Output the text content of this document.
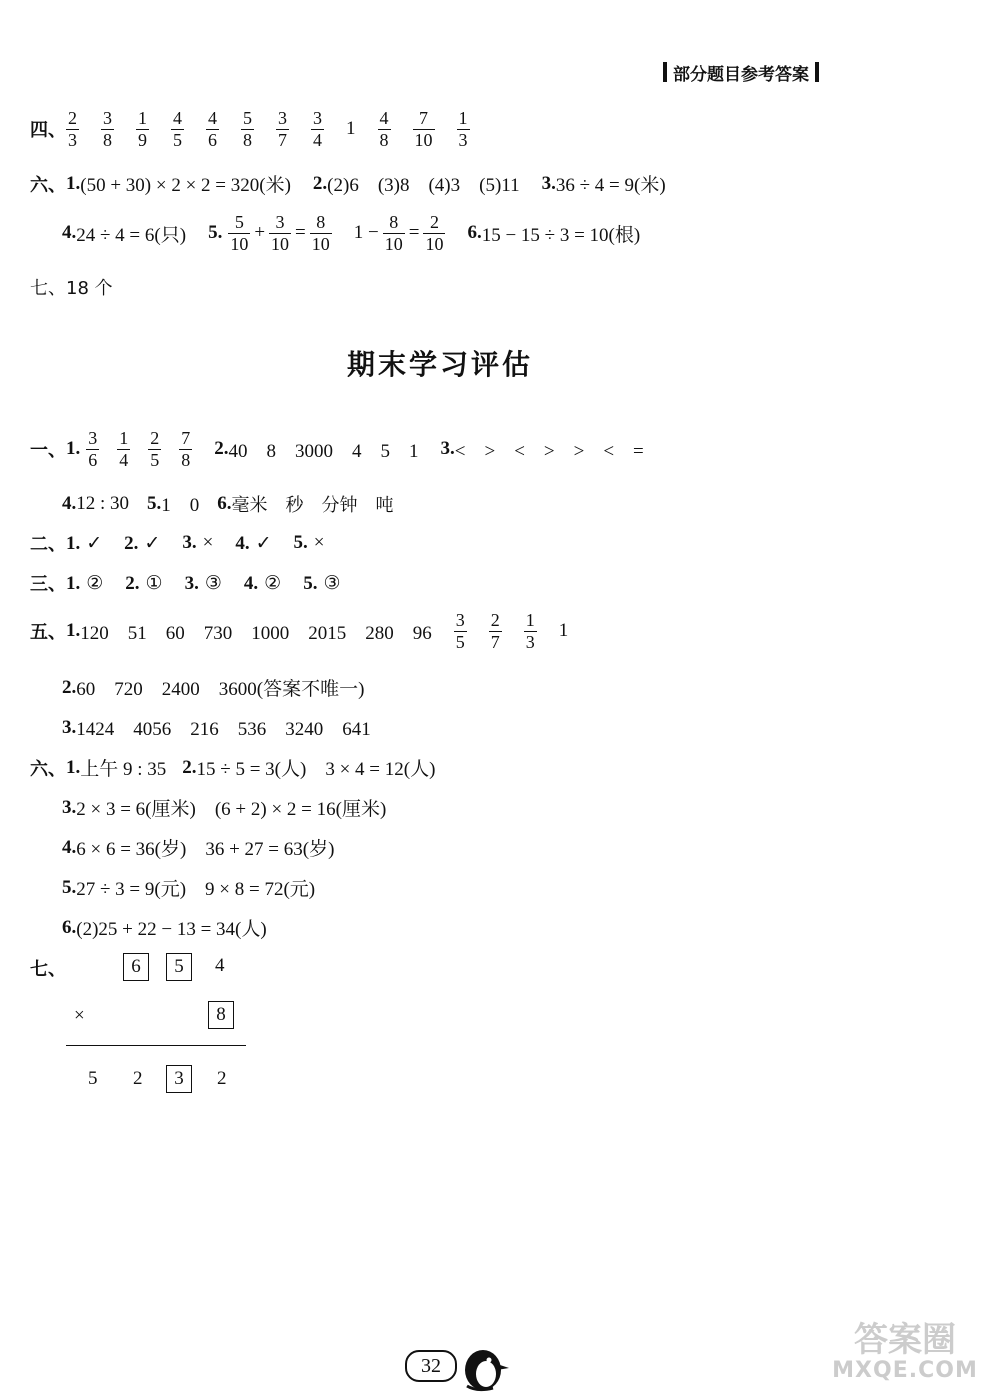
部分题目参考答案
四、 $\frac{2}{3} \frac{3}{8} \frac{1}{9} \frac{4}{5} \frac{4}{6} \frac{5}{8} \frac{3}{7} \frac{3}{4} 1 \frac{4}{8} \frac{7}{10} \frac{1}{3}$
六、 1. (50 + 30) × 2 × 2 = 320(米) 2. (2)6　(3)8　(4)3　(5)11 3. 36 ÷ 4 = 9(米)
4. 24 ÷ 4 = 6(只) 5. $\frac{5}{10} + \frac{3}{10} = \frac{8}{10} 1 - \frac{8}{10} = \frac{2}{10} 6$. 15 − 15 ÷ 3 = 10(根)
七、18 个
期末学习评估
一、 1. $\frac{3}{6} \frac{1}{4} \frac{2}{5} \frac{7}{8} 2$. 40　8　3000　4　5　1 3. <　>　<　>　>　<　=
4. 12 : 30 5. 1　0 6. 毫米　秒　分钟　吨
二、 1. ✓ 2. ✓ 3. × 4. ✓ 5. ×
三、 1. ② 2. ① 3. ③ 4. ② 5. ③
五、 1. 120　51　60　730　1000　2015　280　$96 \frac{3}{5} \frac{2}{7} \frac{1}{3} 1$
2. 60　720　2400　3600(答案不唯一)
3. 1424　4056　216　536　3240　641
六、 1. 上午 9 : 35 2. 15 ÷ 5 = 3(人)　3 × 4 = 12(人)
3. 2 × 3 = 6(厘米)　(6 + 2) × 2 = 16(厘米)
4. 6 × 6 = 36(岁)　36 + 27 = 63(岁)
5. 27 ÷ 3 = 9(元)　9 × 8 = 72(元)
6. (2)25 + 22 − 13 = 34(人)
七、	6	5	4
×	8
5 2	3	2
32
答案圈
MXQE.COM
